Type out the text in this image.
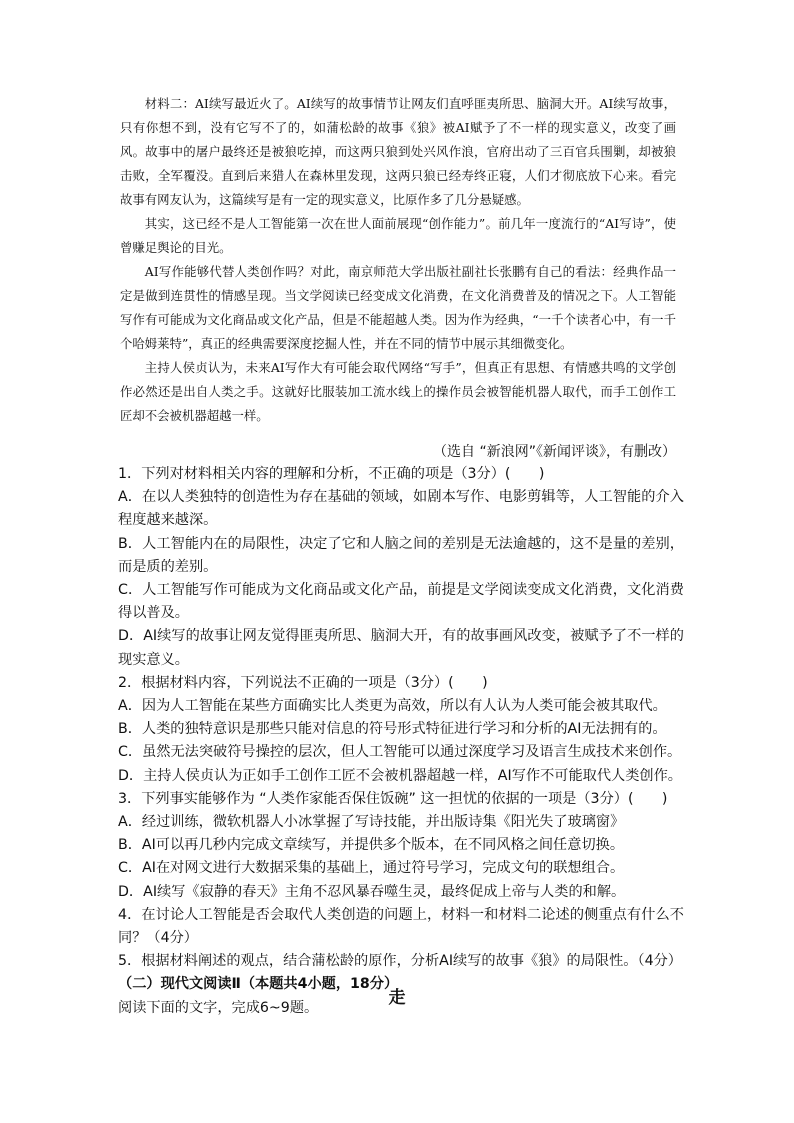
材料二：AI续写最近火了。AI续写的故事情节让网友们直呼匪夷所思、脑洞大开。AI续写故事，只有你想不到，没有它写不了的，如蒲松龄的故事《狼》被AI赋予了不一样的现实意义，改变了画风。故事中的屠户最终还是被狼吃掉，而这两只狼到处兴风作浪，官府出动了三百官兵围剿，却被狼击败，全军覆没。直到后来猎人在森林里发现，这两只狼已经寿终正寝，人们才彻底放下心来。看完故事有网友认为，这篇续写是有一定的现实意义，比原作多了几分悬疑感。

其实，这已经不是人工智能第一次在世人面前展现“创作能力”。前几年一度流行的“AI写诗”，使曾赚足舆论的目光。

AI写作能够代替人类创作吗？对此，南京师范大学出版社副社长张鹏有自己的看法：经典作品一定是做到连贯性的情感呈现。当文学阅读已经变成文化消费，在文化消费普及的情况之下。人工智能写作有可能成为文化商品或文化产品，但是不能超越人类。因为作为经典，“一千个读者心中，有一千个哈姆莱特”，真正的经典需要深度挖掘人性，并在不同的情节中展示其细微变化。

主持人侯贞认为，未来AI写作大有可能会取代网络“写手”，但真正有思想、有情感共鸣的文学创作必然还是出自人类之手。这就好比服装加工流水线上的操作员会被智能机器人取代，而手工创作工匠却不会被机器超越一样。

（选自 “新浪网”《新闻评谈》，有删改）

1．下列对材料相关内容的理解和分析，不正确的项是（3分）(　　)

A．在以人类独特的创造性为存在基础的领域，如剧本写作、电影剪辑等，人工智能的介入程度越来越深。

B．人工智能内在的局限性，决定了它和人脑之间的差别是无法逾越的，这不是量的差别，而是质的差别。

C．人工智能写作可能成为文化商品或文化产品，前提是文学阅读变成文化消费，文化消费得以普及。

D．AI续写的故事让网友觉得匪夷所思、脑洞大开，有的故事画风改变，被赋予了不一样的现实意义。

2．根据材料内容，下列说法不正确的一项是（3分）(　　)

A．因为人工智能在某些方面确实比人类更为高效，所以有人认为人类可能会被其取代。

B．人类的独特意识是那些只能对信息的符号形式特征进行学习和分析的AI无法拥有的。

C．虽然无法突破符号操控的层次，但人工智能可以通过深度学习及语言生成技术来创作。

D．主持人侯贞认为正如手工创作工匠不会被机器超越一样，AI写作不可能取代人类创作。

3．下列事实能够作为 “人类作家能否保住饭碗” 这一担忧的依据的一项是（3分）(　　)

A．经过训练，微软机器人小冰掌握了写诗技能，并出版诗集《阳光失了玻璃窗》

B．AI可以再几秒内完成文章续写，并提供多个版本，在不同风格之间任意切换。

C．AI在对网文进行大数据采集的基础上，通过符号学习，完成文句的联想组合。

D．AI续写《寂静的春天》主角不忍风暴吞噬生灵，最终促成上帝与人类的和解。

4．在讨论人工智能是否会取代人类创造的问题上，材料一和材料二论述的侧重点有什么不同？（4分）

5．根据材料阐述的观点，结合蒲松龄的原作，分析AI续写的故事《狼》的局限性。（4分）

（二）现代文阅读Ⅱ（本题共4小题，18分）

阅读下面的文字，完成6~9题。	走
